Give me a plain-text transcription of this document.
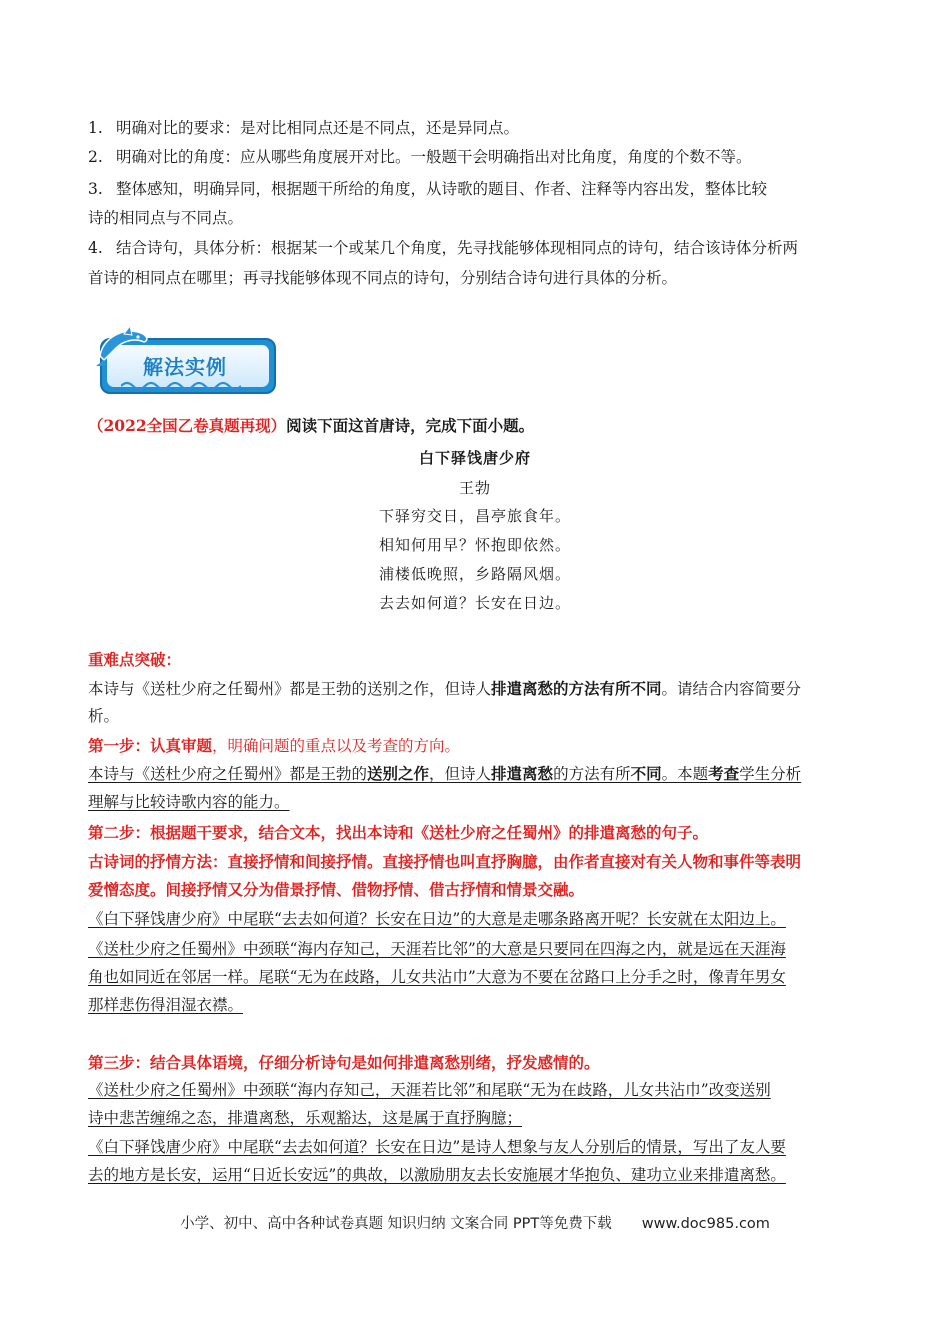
1. 明确对比的要求：是对比相同点还是不同点，还是异同点。
2. 明确对比的角度：应从哪些角度展开对比。一般题干会明确指出对比角度，角度的个数不等。
3. 整体感知，明确异同，根据题干所给的角度，从诗歌的题目、作者、注释等内容出发，整体比较
诗的相同点与不同点。
4. 结合诗句，具体分析：根据某一个或某几个角度，先寻找能够体现相同点的诗句，结合该诗体分析两
首诗的相同点在哪里；再寻找能够体现不同点的诗句，分别结合诗句进行具体的分析。
解法实例
（2022全国乙卷真题再现）阅读下面这首唐诗，完成下面小题。
白下驿饯唐少府
王勃
下驿穷交日，昌亭旅食年。
相知何用早？怀抱即依然。
浦楼低晚照，乡路隔风烟。
去去如何道？长安在日边。
重难点突破：
本诗与《送杜少府之任蜀州》都是王勃的送别之作，但诗人排遣离愁的方法有所不同。请结合内容简要分
析。
第一步：认真审题，明确问题的重点以及考查的方向。
本诗与《送杜少府之任蜀州》都是王勃的送别之作，但诗人排遣离愁的方法有所不同。本题考查学生分析
理解与比较诗歌内容的能力。
第二步：根据题干要求，结合文本，找出本诗和《送杜少府之任蜀州》的排遣离愁的句子。
古诗词的抒情方法：直接抒情和间接抒情。直接抒情也叫直抒胸臆，由作者直接对有关人物和事件等表明
爱憎态度。间接抒情又分为借景抒情、借物抒情、借古抒情和情景交融。
《白下驿饯唐少府》中尾联“去去如何道？长安在日边”的大意是走哪条路离开呢？长安就在太阳边上。
《送杜少府之任蜀州》中颈联“海内存知己，天涯若比邻”的大意是只要同在四海之内，就是远在天涯海
角也如同近在邻居一样。尾联“无为在歧路，儿女共沾巾”大意为不要在岔路口上分手之时，像青年男女
那样悲伤得泪湿衣襟。
第三步：结合具体语境，仔细分析诗句是如何排遣离愁别绪，抒发感情的。
《送杜少府之任蜀州》中颈联“海内存知己，天涯若比邻”和尾联“无为在歧路，儿女共沾巾”改变送别
诗中悲苦缠绵之态，排遣离愁，乐观豁达，这是属于直抒胸臆；
《白下驿饯唐少府》中尾联“去去如何道？长安在日边”是诗人想象与友人分别后的情景，写出了友人要
去的地方是长安，运用“日近长安远”的典故，以激励朋友去长安施展才华抱负、建功立业来排遣离愁。
小学、初中、高中各种试卷真题 知识归纳 文案合同 PPT等免费下载 www.doc985.com
